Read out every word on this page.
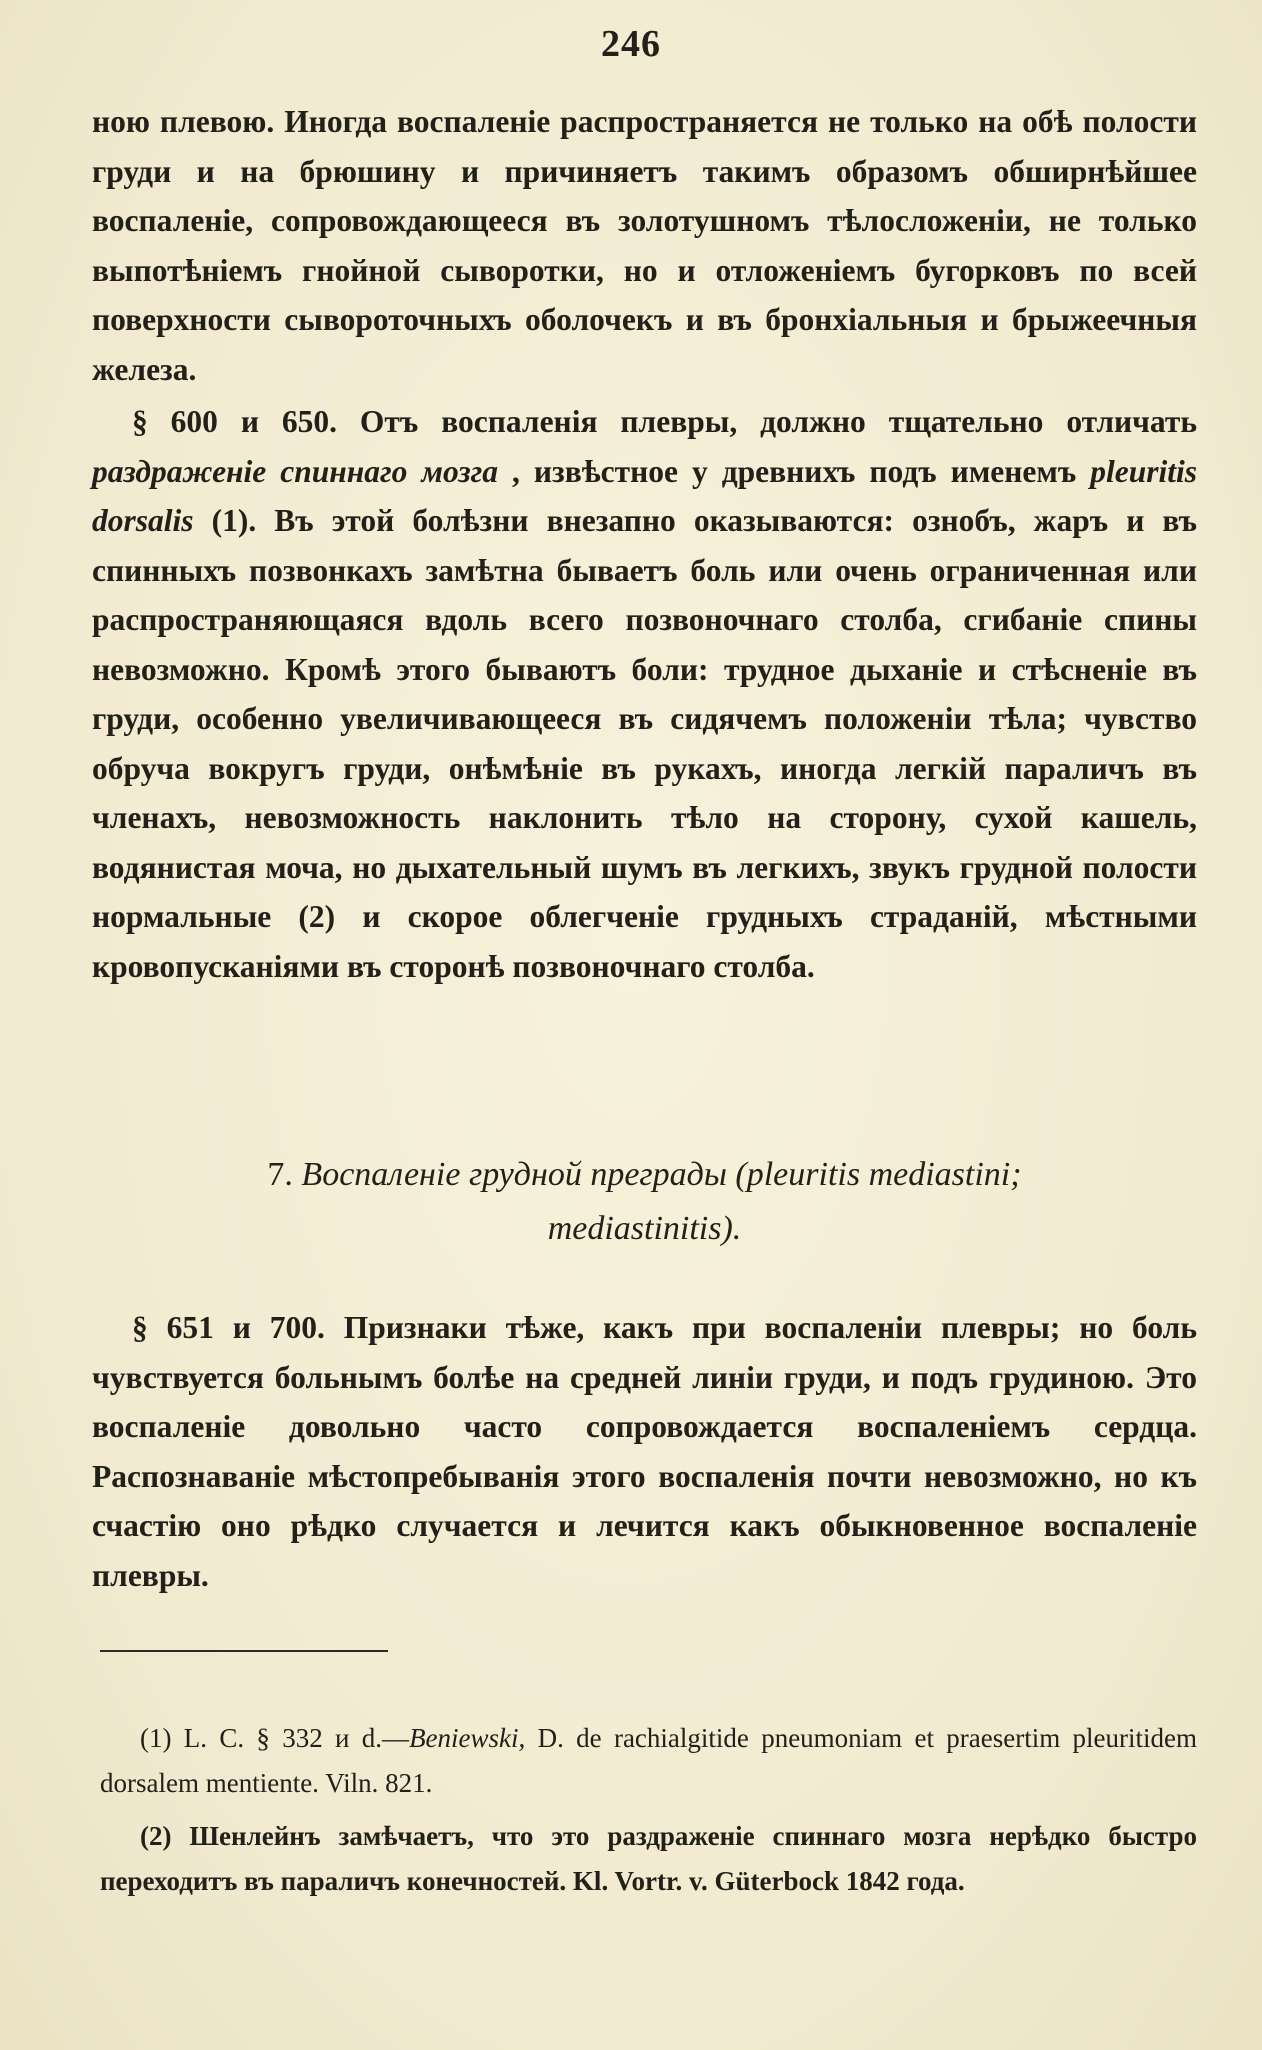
246

ною плевою. Иногда воспаленіе распространяется не только на обѣ полости груди и на брюшину и причиняетъ такимъ образомъ обширнѣйшее воспаленіе, сопровождающееся въ золотушномъ тѣлосложеніи, не только выпотѣніемъ гнойной сыворотки, но и отложеніемъ бугорковъ по всей поверхности сывороточныхъ оболочекъ и въ бронхіальныя и брыжеечныя железа.

§ 600 и 650. Отъ воспаленія плевры, должно тщательно отличать раздраженіе спиннаго мозга , извѣстное у древнихъ подъ именемъ pleuritis dorsalis (1). Въ этой болѣзни внезапно оказываются: ознобъ, жаръ и въ спинныхъ позвонкахъ замѣтна бываетъ боль или очень ограниченная или распространяющаяся вдоль всего позвоночнаго столба, сгибаніе спины невозможно. Кромѣ этого бываютъ боли: трудное дыханіе и стѣсненіе въ груди, особенно увеличивающееся въ сидячемъ положеніи тѣла; чувство обруча вокругъ груди, онѣмѣніе въ рукахъ, иногда легкій параличъ въ членахъ, невозможность наклонить тѣло на сторону, сухой кашель, водянистая моча, но дыхательный шумъ въ легкихъ, звукъ грудной полости нормальные (2) и скорое облегченіе грудныхъ страданій, мѣстными кровопусканіями въ сторонѣ позвоночнаго столба.

7. Воспаленіе грудной преграды (pleuritis mediastini;
mediastinitis).

§ 651 и 700. Признаки тѣже, какъ при воспаленіи плевры; но боль чувствуется больнымъ болѣе на средней линіи груди, и подъ грудиною. Это воспаленіе довольно часто сопровождается воспаленіемъ сердца. Распознаваніе мѣстопребыванія этого воспаленія почти невозможно, но къ счастію оно рѣдко случается и лечится какъ обыкновенное воспаленіе плевры.

(1) L. C. § 332 и d.—Beniewski, D. de rachialgitide pneumoniam et praesertim pleuritidem dorsalem mentiente. Viln. 821.

(2) Шенлейнъ замѣчаетъ, что это раздраженіе спиннаго мозга нерѣдко быстро переходитъ въ параличъ конечностей. Kl. Vortr. v. Güterbock 1842 года.
